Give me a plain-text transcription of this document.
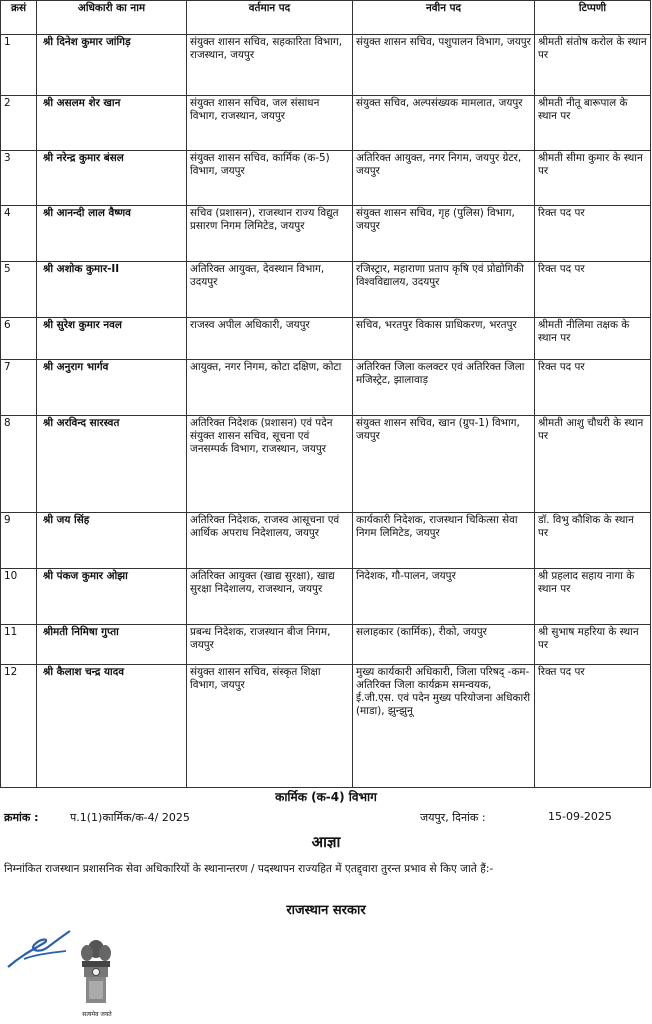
क्रसं	अधिकारी का नाम	वर्तमान पद	नवीन पद	टिप्पणी
1	श्री दिनेश कुमार जांगिड़	संयुक्त शासन सचिव, सहकारिता विभाग, राजस्थान, जयपुर	संयुक्त शासन सचिव, पशुपालन विभाग, जयपुर	श्रीमती संतोष करोल के स्थान पर
2	श्री असलम शेर खान	संयुक्त शासन सचिव, जल संसाधन विभाग, राजस्थान, जयपुर	संयुक्त सचिव, अल्पसंख्यक मामलात, जयपुर	श्रीमती नीतू बारूपाल के स्थान पर
3	श्री नरेन्द्र कुमार बंसल	संयुक्त शासन सचिव, कार्मिक (क-5) विभाग, जयपुर	अतिरिक्त आयुक्त, नगर निगम, जयपुर ग्रेटर, जयपुर	श्रीमती सीमा कुमार के स्थान पर
4	श्री आनन्दी लाल वैष्णव	सचिव (प्रशासन), राजस्थान राज्य विद्युत प्रसारण निगम लिमिटेड, जयपुर	संयुक्त शासन सचिव, गृह (पुलिस) विभाग, जयपुर	रिक्त पद पर
5	श्री अशोक कुमार-II	अतिरिक्त आयुक्त, देवस्थान विभाग, उदयपुर	रजिस्ट्रार, महाराणा प्रताप कृषि एवं प्रोद्योगिकी विश्वविद्यालय, उदयपुर	रिक्त पद पर
6	श्री सुरेश कुमार नवल	राजस्व अपील अधिकारी, जयपुर	सचिव, भरतपुर विकास प्राधिकरण, भरतपुर	श्रीमती नीलिमा तक्षक के स्थान पर
7	श्री अनुराग भार्गव	आयुक्त, नगर निगम, कोटा दक्षिण, कोटा	अतिरिक्त जिला कलक्टर एवं अतिरिक्त जिला मजिस्ट्रेट, झालावाड़	रिक्त पद पर
8	श्री अरविन्द सारस्वत	अतिरिक्त निदेशक (प्रशासन) एवं पदेन संयुक्त शासन सचिव, सूचना एवं जनसम्पर्क विभाग, राजस्थान, जयपुर	संयुक्त शासन सचिव, खान (ग्रुप-1) विभाग, जयपुर	श्रीमती आशु चौधरी के स्थान पर
9	श्री जय सिंह	अतिरिक्त निदेशक, राजस्व आसूचना एवं आर्थिक अपराध निदेशालय, जयपुर	कार्यकारी निदेशक, राजस्थान चिकित्सा सेवा निगम लिमिटेड, जयपुर	डॉ. विभु कौशिक के स्थान पर
10	श्री पंकज कुमार ओझा	अतिरिक्त आयुक्त (खाद्य सुरक्षा), खाद्य सुरक्षा निदेशालय, राजस्थान, जयपुर	निदेशक, गौ-पालन, जयपुर	श्री प्रहलाद सहाय नागा के स्थान पर
11	श्रीमती निमिषा गुप्ता	प्रबन्ध निदेशक, राजस्थान बीज निगम, जयपुर	सलाहकार (कार्मिक), रीको, जयपुर	श्री सुभाष महरिया के स्थान पर
12	श्री कैलाश चन्द्र यादव	संयुक्त शासन सचिव, संस्कृत शिक्षा विभाग, जयपुर	मुख्य कार्यकारी अधिकारी, जिला परिषद् -कम- अतिरिक्त जिला कार्यक्रम समन्वयक, ई.जी.एस. एवं पदेन मुख्य परियोजना अधिकारी (माडा), झुन्झुनू	रिक्त पद पर
कार्मिक (क-4) विभाग
क्रमांक :	प.1(1)कार्मिक/क-4/ 2025	जयपुर, दिनांक :	15-09-2025
आज्ञा
निम्नांकित राजस्थान प्रशासनिक सेवा अधिकारियों के स्थानान्तरण / पदस्थापन राज्यहित में एतद्द्वारा तुरन्त प्रभाव से किए जाते हैं:-
राजस्थान सरकार
सत्यमेव जयते
